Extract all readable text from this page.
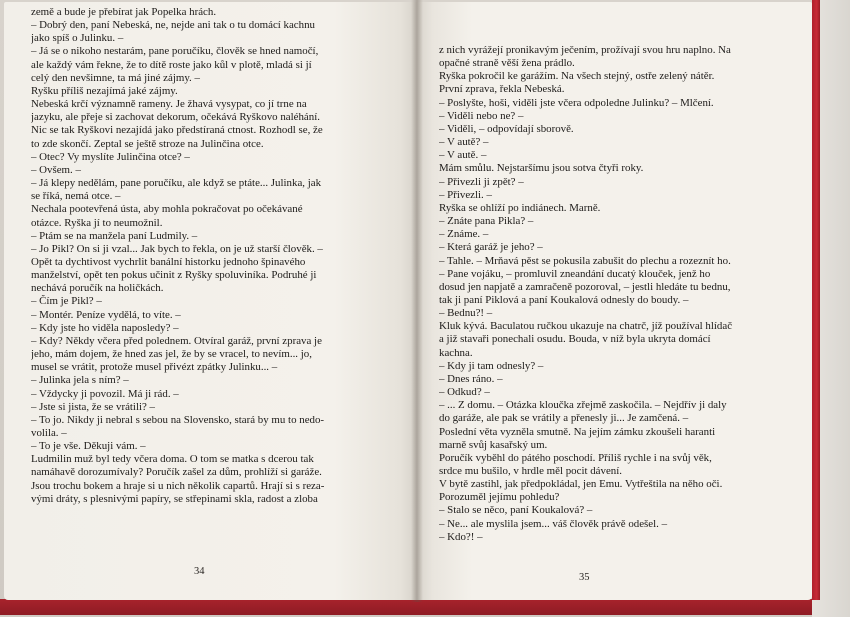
země a bude je přebírat jak Popelka hrách.
– Dobrý den, paní Nebeská, ne, nejde ani tak o tu domácí kachnu
jako spíš o Julinku. –
– Já se o nikoho nestarám, pane poručíku, člověk se hned namočí,
ale každý vám řekne, že to dítě roste jako kůl v plotě, mladá si jí
celý den nevšimne, ta má jiné zájmy. –
Ryšku příliš nezajímá jaké zájmy.
Nebeská krčí významně rameny. Je žhavá vysypat, co jí trne na
jazyku, ale přeje si zachovat dekorum, očekává Ryškovo naléhání.
Nic se tak Ryškovi nezajídá jako předstíraná ctnost. Rozhodl se, že
to zde skončí. Zeptal se ještě stroze na Julinčina otce.
– Otec? Vy myslíte Julinčina otce? –
– Ovšem. –
– Já klepy nedělám, pane poručíku, ale když se ptáte... Julinka, jak
se říká, nemá otce. –
Nechala pootevřená ústa, aby mohla pokračovat po očekávané
otázce. Ryška jí to neumožnil.
– Ptám se na manžela paní Ludmily. –
– Jo Pikl? On si ji vzal... Jak bych to řekla, on je už starší člověk. –
Opět ta dychtivost vychrlit banální historku jednoho špinavého
manželství, opět ten pokus učinit z Ryšky spoluviníka. Podruhé ji
nechává poručík na holičkách.
– Čím je Pikl? –
– Montér. Peníze vydělá, to víte. –
– Kdy jste ho viděla naposledy? –
– Kdy? Někdy včera před polednem. Otvíral garáž, první zprava je
jeho, mám dojem, že hned zas jel, že by se vracel, to nevím... jo,
musel se vrátit, protože musel přivézt zpátky Julinku... –
– Julinka jela s ním? –
– Vždycky ji povozil. Má ji rád. –
– Jste si jista, že se vrátili? –
– To jo. Nikdy ji nebral s sebou na Slovensko, stará by mu to nedo-
volila. –
– To je vše. Děkuji vám. –
Ludmilin muž byl tedy včera doma. O tom se matka s dcerou tak
namáhavě dorozumívaly? Poručík zašel za dům, prohlíží si garáže.
Jsou trochu bokem a hraje si u nich několik capartů. Hrají si s reza-
vými dráty, s plesnivými papíry, se střepinami skla, radost a zloba
34
z nich vyrážejí pronikavým ječením, prožívají svou hru naplno. Na
opačné straně věší žena prádlo.
Ryška pokročil ke garážím. Na všech stejný, ostře zelený nátěr.
První zprava, řekla Nebeská.
– Poslyšte, hoši, viděli jste včera odpoledne Julinku? – Mlčení.
– Viděli nebo ne? –
– Viděli, – odpovídají sborově.
– V autě? –
– V autě. –
Mám smůlu. Nejstaršímu jsou sotva čtyři roky.
– Přivezli ji zpět? –
– Přivezli. –
Ryška se ohlíží po indiánech. Marně.
– Znáte pana Pikla? –
– Známe. –
– Která garáž je jeho? –
– Tahle. – Mrňavá pěst se pokusila zabušit do plechu a rozeznít ho.
– Pane vojáku, – promluvil zneandání ducatý klouček, jenž ho
dosud jen napjatě a zamračeně pozoroval, – jestli hledáte tu bednu,
tak ji paní Piklová a paní Koukalová odnesly do boudy. –
– Bednu?! –
Kluk kývá. Baculatou ručkou ukazuje na chatrč, jíž používal hlídač
a již stavaři ponechali osudu. Bouda, v níž byla ukryta domácí
kachna.
– Kdy ji tam odnesly? –
– Dnes ráno. –
– Odkud? –
– ... Z domu. – Otázka kloučka zřejmě zaskočila. – Nejdřív ji daly
do garáže, ale pak se vrátily a přenesly ji... Je zamčená. –
Poslední věta vyzněla smutně. Na jejím zámku zkoušeli haranti
marně svůj kasařský um.
Poručík vyběhl do pátého poschodí. Příliš rychle i na svůj věk,
srdce mu bušilo, v hrdle měl pocit dávení.
V bytě zastihl, jak předpokládal, jen Emu. Vytřeštila na něho oči.
Porozuměl jejímu pohledu?
– Stalo se něco, paní Koukalová? –
– Ne... ale myslila jsem... váš člověk právě odešel. –
– Kdo?! –
35
